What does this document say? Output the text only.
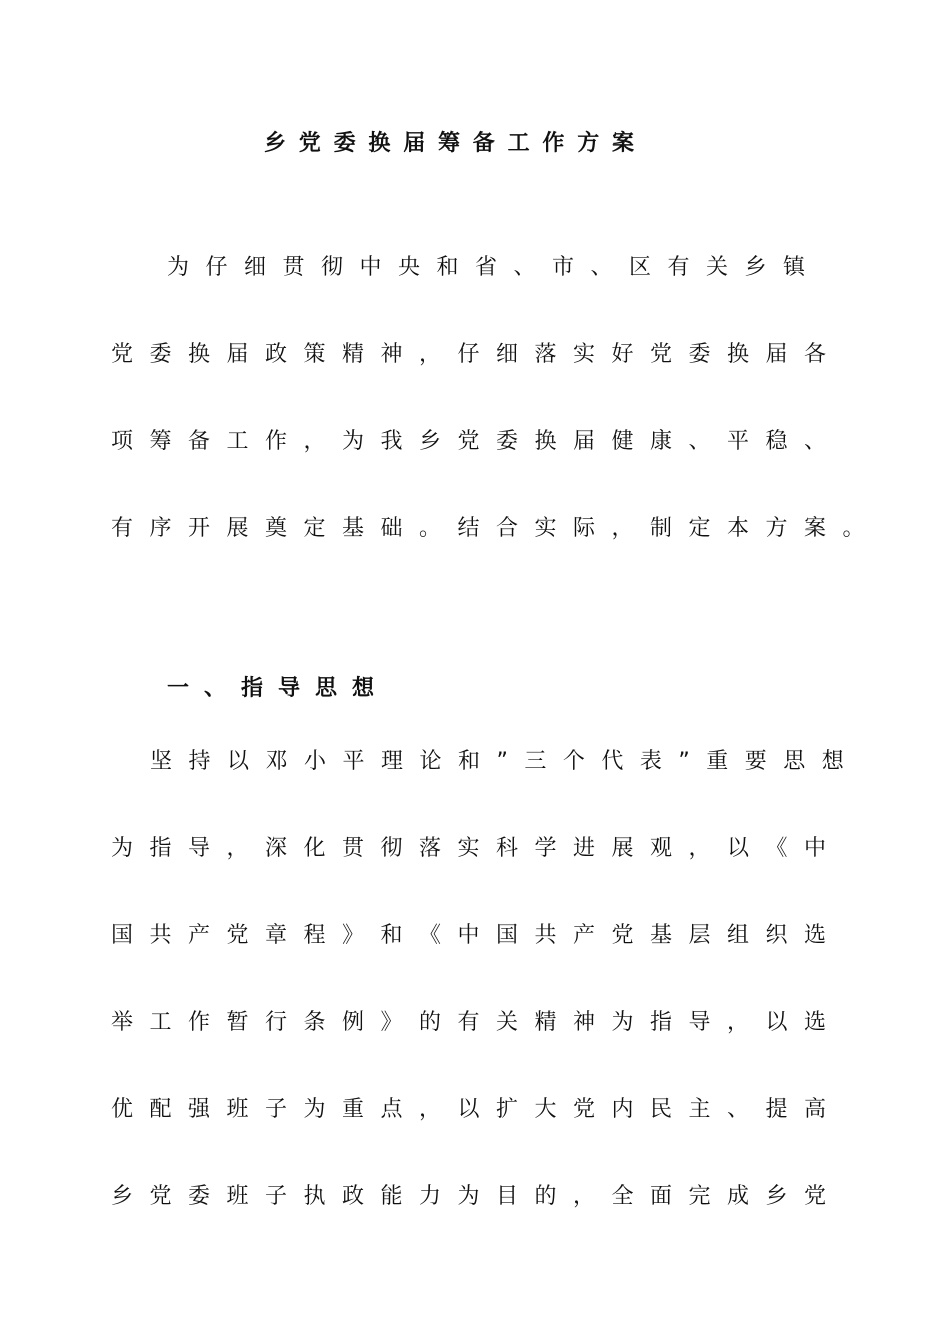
乡党委换届筹备工作方案
为仔细贯彻中央和省、市、区有关乡镇
党委换届政策精神，仔细落实好党委换届各
项筹备工作，为我乡党委换届健康、平稳、
有序开展奠定基础。结合实际，制定本方案。
一、指导思想
坚持以邓小平理论和”三个代表”重要思想
为指导，深化贯彻落实科学进展观，以《中
国共产党章程》和《中国共产党基层组织选
举工作暂行条例》的有关精神为指导，以选
优配强班子为重点，以扩大党内民主、提高
乡党委班子执政能力为目的，全面完成乡党
